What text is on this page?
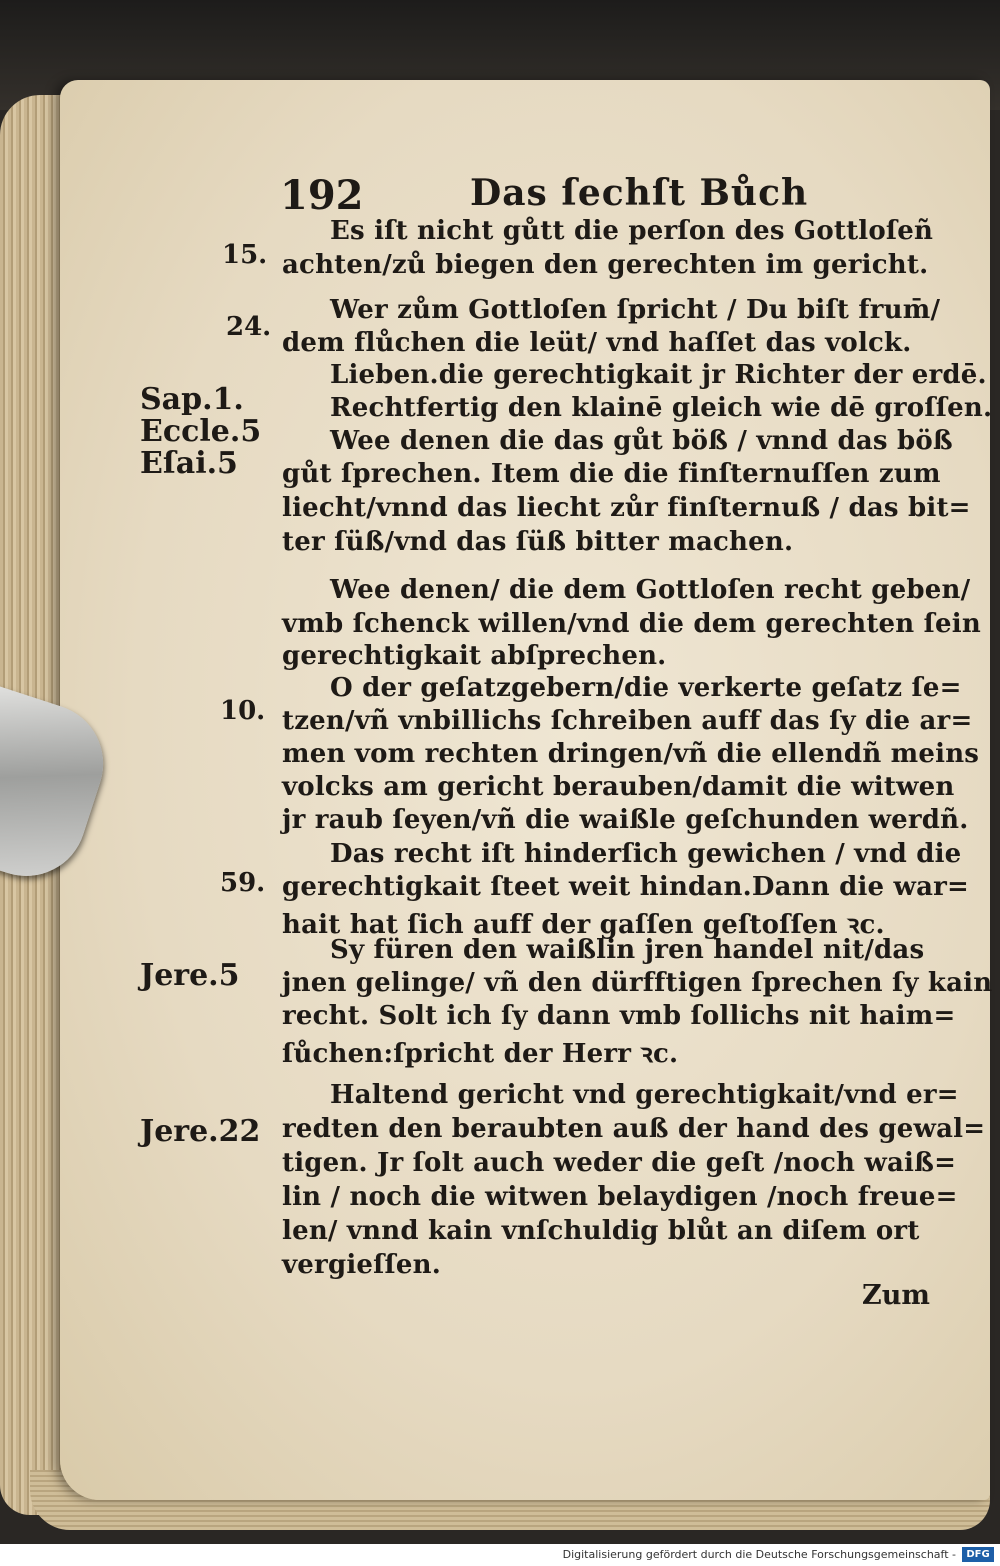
192	Das ſechſt Bůch
Es iſt nicht gůtt die perſon des Gottloſeñ
achten/zů biegen den gerechten im gericht.
Wer zům Gottloſen ſpricht / Du biſt frum̄/
dem flůchen die leüt/ vnd haſſet das volck.
Lieben.die gerechtigkait jr Richter der erdē.
Rechtfertig den klainē gleich wie dē groſſen.
Wee denen die das gůt böß / vnnd das böß
gůt ſprechen. Item die die finſternuſſen zum
liecht/vnnd das liecht zůr finſternuß / das bit=
ter ſüß/vnd das ſüß bitter machen.
Wee denen/ die dem Gottloſen recht geben/
vmb ſchenck willen/vnd die dem gerechten ſein
gerechtigkait abſprechen.
O der geſatzgebern/die verkerte geſatz ſe=
tzen/vñ vnbillichs ſchreiben auff das ſy die ar=
men vom rechten dringen/vñ die ellendñ meins
volcks am gericht berauben/damit die witwen
jr raub ſeyen/vñ die waißle geſchunden werdñ.
Das recht iſt hinderſich gewichen / vnd die
gerechtigkait ſteet weit hindan.Dann die war=
hait hat ſich auff der gaſſen geſtoſſen ꝛc.
Sy füren den waißlin jren handel nit/das
jnen gelinge/ vñ den dürfftigen ſprechen ſy kain
recht. Solt ich ſy dann vmb ſollichs nit haim=
ſůchen:ſpricht der Herr ꝛc.
Haltend gericht vnd gerechtigkait/vnd er=
redten den beraubten auß der hand des gewal=
tigen. Jr ſolt auch weder die geſt /noch waiß=
lin / noch die witwen belaydigen /noch freue=
len/ vnnd kain vnſchuldig blůt an diſem ort
vergieſſen.
15.
24.
Sap.1.
Eccle.5
Eſai.5
10.
59.
Jere.5
Jere.22
Zum
Digitalisierung gefördert durch die Deutsche Forschungsgemeinschaft -	DFG
